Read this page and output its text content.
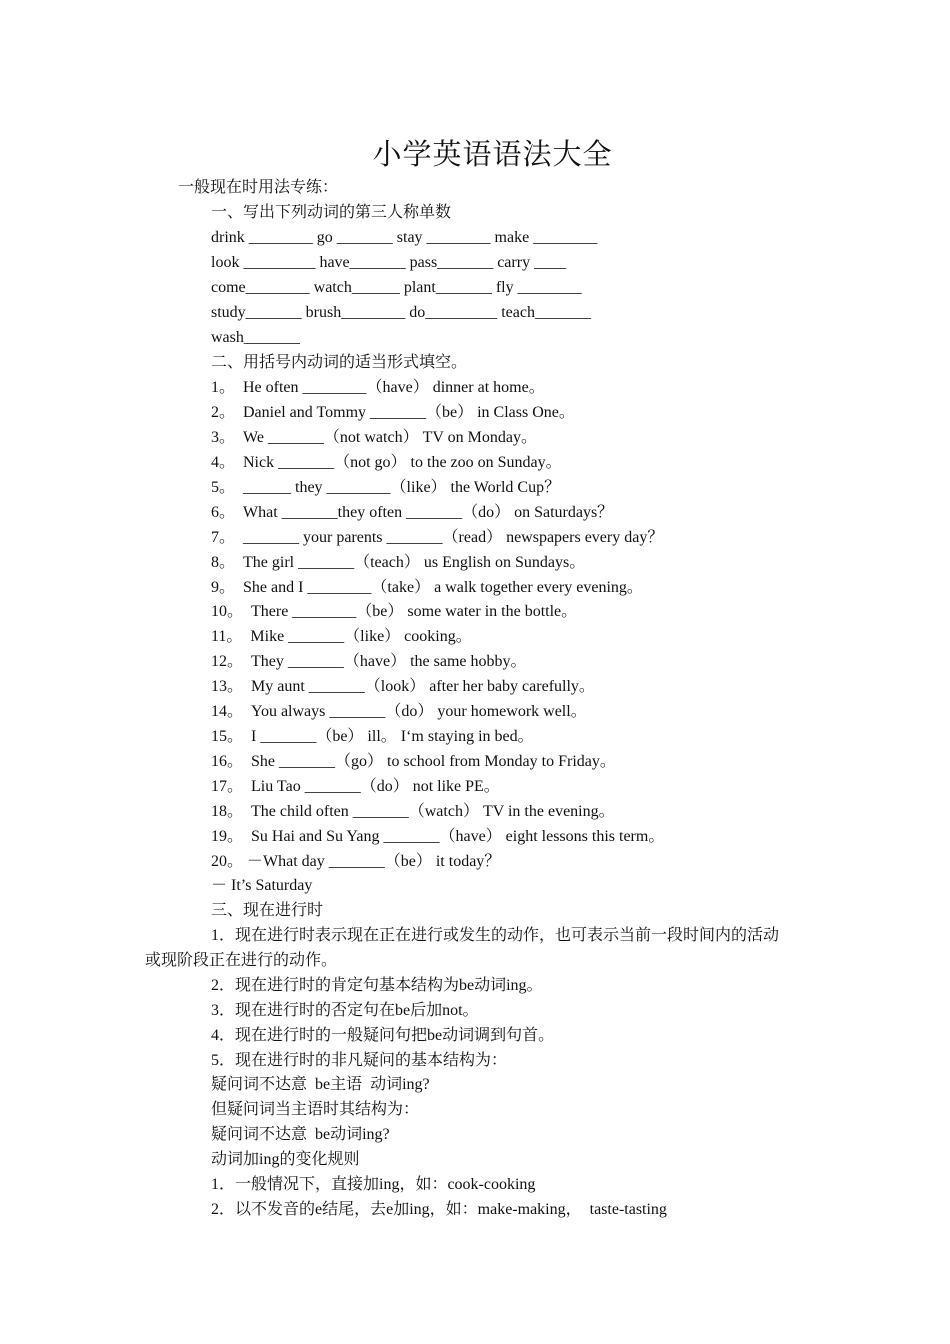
小学英语语法大全
一般现在时用法专练：
一、写出下列动词的第三人称单数
drink ________ go _______ stay ________ make ________
look _________ have_______ pass_______ carry ____
come________ watch______ plant_______ fly ________
study_______ brush________ do_________ teach_______
wash_______
二、用括号内动词的适当形式填空。
1。  He often ________（have） dinner at home。
2。  Daniel and Tommy _______（be） in Class One。
3。  We _______（not watch） TV on Monday。
4。  Nick _______（not go） to the zoo on Sunday。
5。  ______ they ________（like） the World Cup？
6。  What _______they often _______（do） on Saturdays？
7。  _______ your parents _______（read） newspapers every day？
8。  The girl _______（teach） us English on Sundays。
9。  She and I ________（take） a walk together every evening。
10。  There ________（be） some water in the bottle。
11。  Mike _______（like） cooking。
12。  They _______（have） the same hobby。
13。  My aunt _______（look） after her baby carefully。
14。  You always _______（do） your homework well。
15。  I _______（be） ill。 I‘m staying in bed。
16。  She _______（go） to school from Monday to Friday。
17。  Liu Tao _______（do） not like PE。
18。  The child often _______（watch） TV in the evening。
19。  Su Hai and Su Yang _______（have） eight lessons this term。
20。 －What day _______（be） it today？
－ It’s Saturday
三、现在进行时
1．现在进行时表示现在正在进行或发生的动作，也可表示当前一段时间内的活动
或现阶段正在进行的动作。
2．现在进行时的肯定句基本结构为be动词ing。
3．现在进行时的否定句在be后加not。
4．现在进行时的一般疑问句把be动词调到句首。
5．现在进行时的非凡疑问的基本结构为：
疑问词不达意  be主语  动词ing?
但疑问词当主语时其结构为：
疑问词不达意  be动词ing?
动词加ing的变化规则
1．一般情况下，直接加ing，如：cook-cooking
2．以不发音的e结尾，去e加ing，如：make-making，  taste-tasting
